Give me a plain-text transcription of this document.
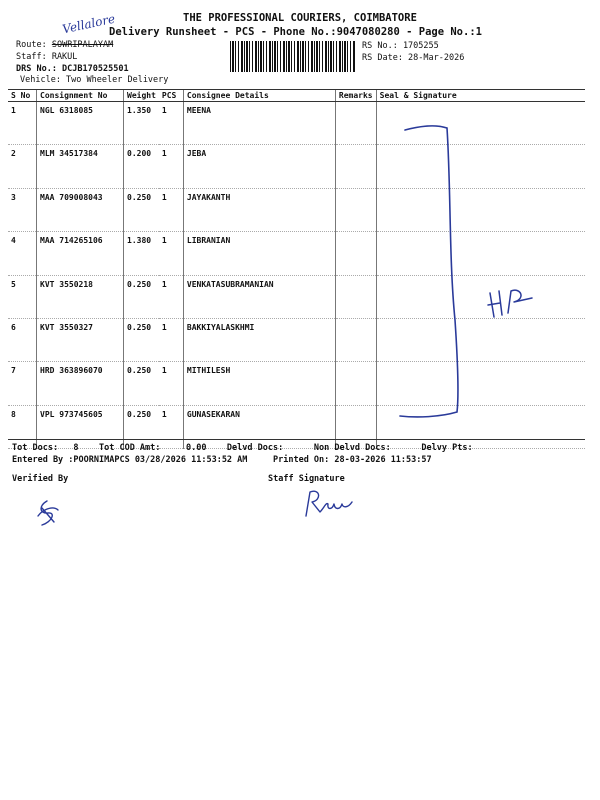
THE PROFESSIONAL COURIERS, COIMBATORE
Delivery Runsheet - PCS - Phone No.:9047080280 - Page No.:1
Route: SOWRIPALAYAM
Vellalore
Staff: RAKUL
DRS No.: DCJB170525501
Vehicle: Two Wheeler Delivery
RS No.: 1705255
RS Date: 28-Mar-2026
S No	Consignment No	Weight	PCS	Consignee Details	Remarks	Seal & Signature
1	NGL 6318085	1.350	1	MEENA		
2	MLM 34517384	0.200	1	JEBA		
3	MAA 709008043	0.250	1	JAYAKANTH		
4	MAA 714265106	1.380	1	LIBRANIAN		
5	KVT 3550218	0.250	1	VENKATASUBRAMANIAN		
6	KVT 3550327	0.250	1	BAKKIYALASKHMI		
7	HRD 363896070	0.250	1	MITHILESH		
8	VPL 973745605	0.250	1	GUNASEKARAN		
Tot Docs:   8    Tot COD Amt:     0.00    Delvd Docs:      Non Delvd Docs:      Delvy Pts:
Entered By :POORNIMAPCS 03/28/2026 11:53:52 AM     Printed On: 28-03-2026 11:53:57
Verified By	Staff Signature
